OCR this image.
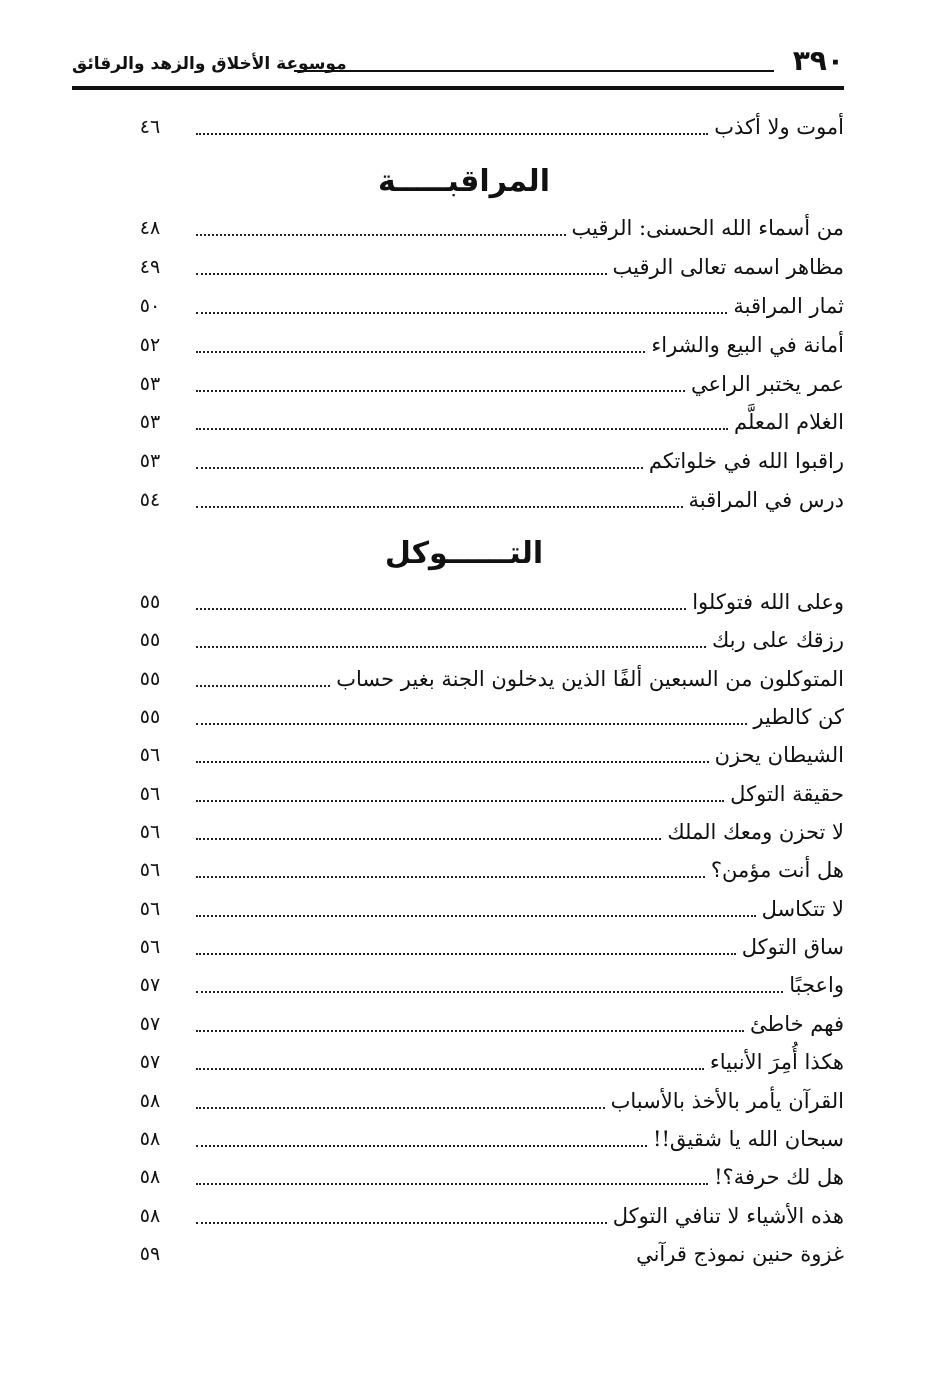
٣٩٠
موسوعة الأخلاق والزهد والرقائق
أموت ولا أكذب
٤٦
المراقبـــــة
من أسماء الله الحسنى: الرقيب
٤٨
مظاهر اسمه تعالى الرقيب
٤٩
ثمار المراقبة
٥٠
أمانة في البيع والشراء
٥٢
عمر يختبر الراعي
٥٣
الغلام المعلَّم
٥٣
راقبوا الله في خلواتكم
٥٣
درس في المراقبة
٥٤
التــــــوكل
وعلى الله فتوكلوا
٥٥
رزقك على ربك
٥٥
المتوكلون من السبعين ألفًا الذين يدخلون الجنة بغير حساب
٥٥
كن كالطير
٥٥
الشيطان يحزن
٥٦
حقيقة التوكل
٥٦
لا تحزن ومعك الملك
٥٦
هل أنت مؤمن؟
٥٦
لا تتكاسل
٥٦
ساق التوكل
٥٦
واعجبًا
٥٧
فهم خاطئ
٥٧
هكذا أُمِرَ الأنبياء
٥٧
القرآن يأمر بالأخذ بالأسباب
٥٨
سبحان الله يا شقيق!!
٥٨
هل لك حرفة؟!
٥٨
هذه الأشياء لا تنافي التوكل
٥٨
غزوة حنين نموذج قرآني
٥٩
